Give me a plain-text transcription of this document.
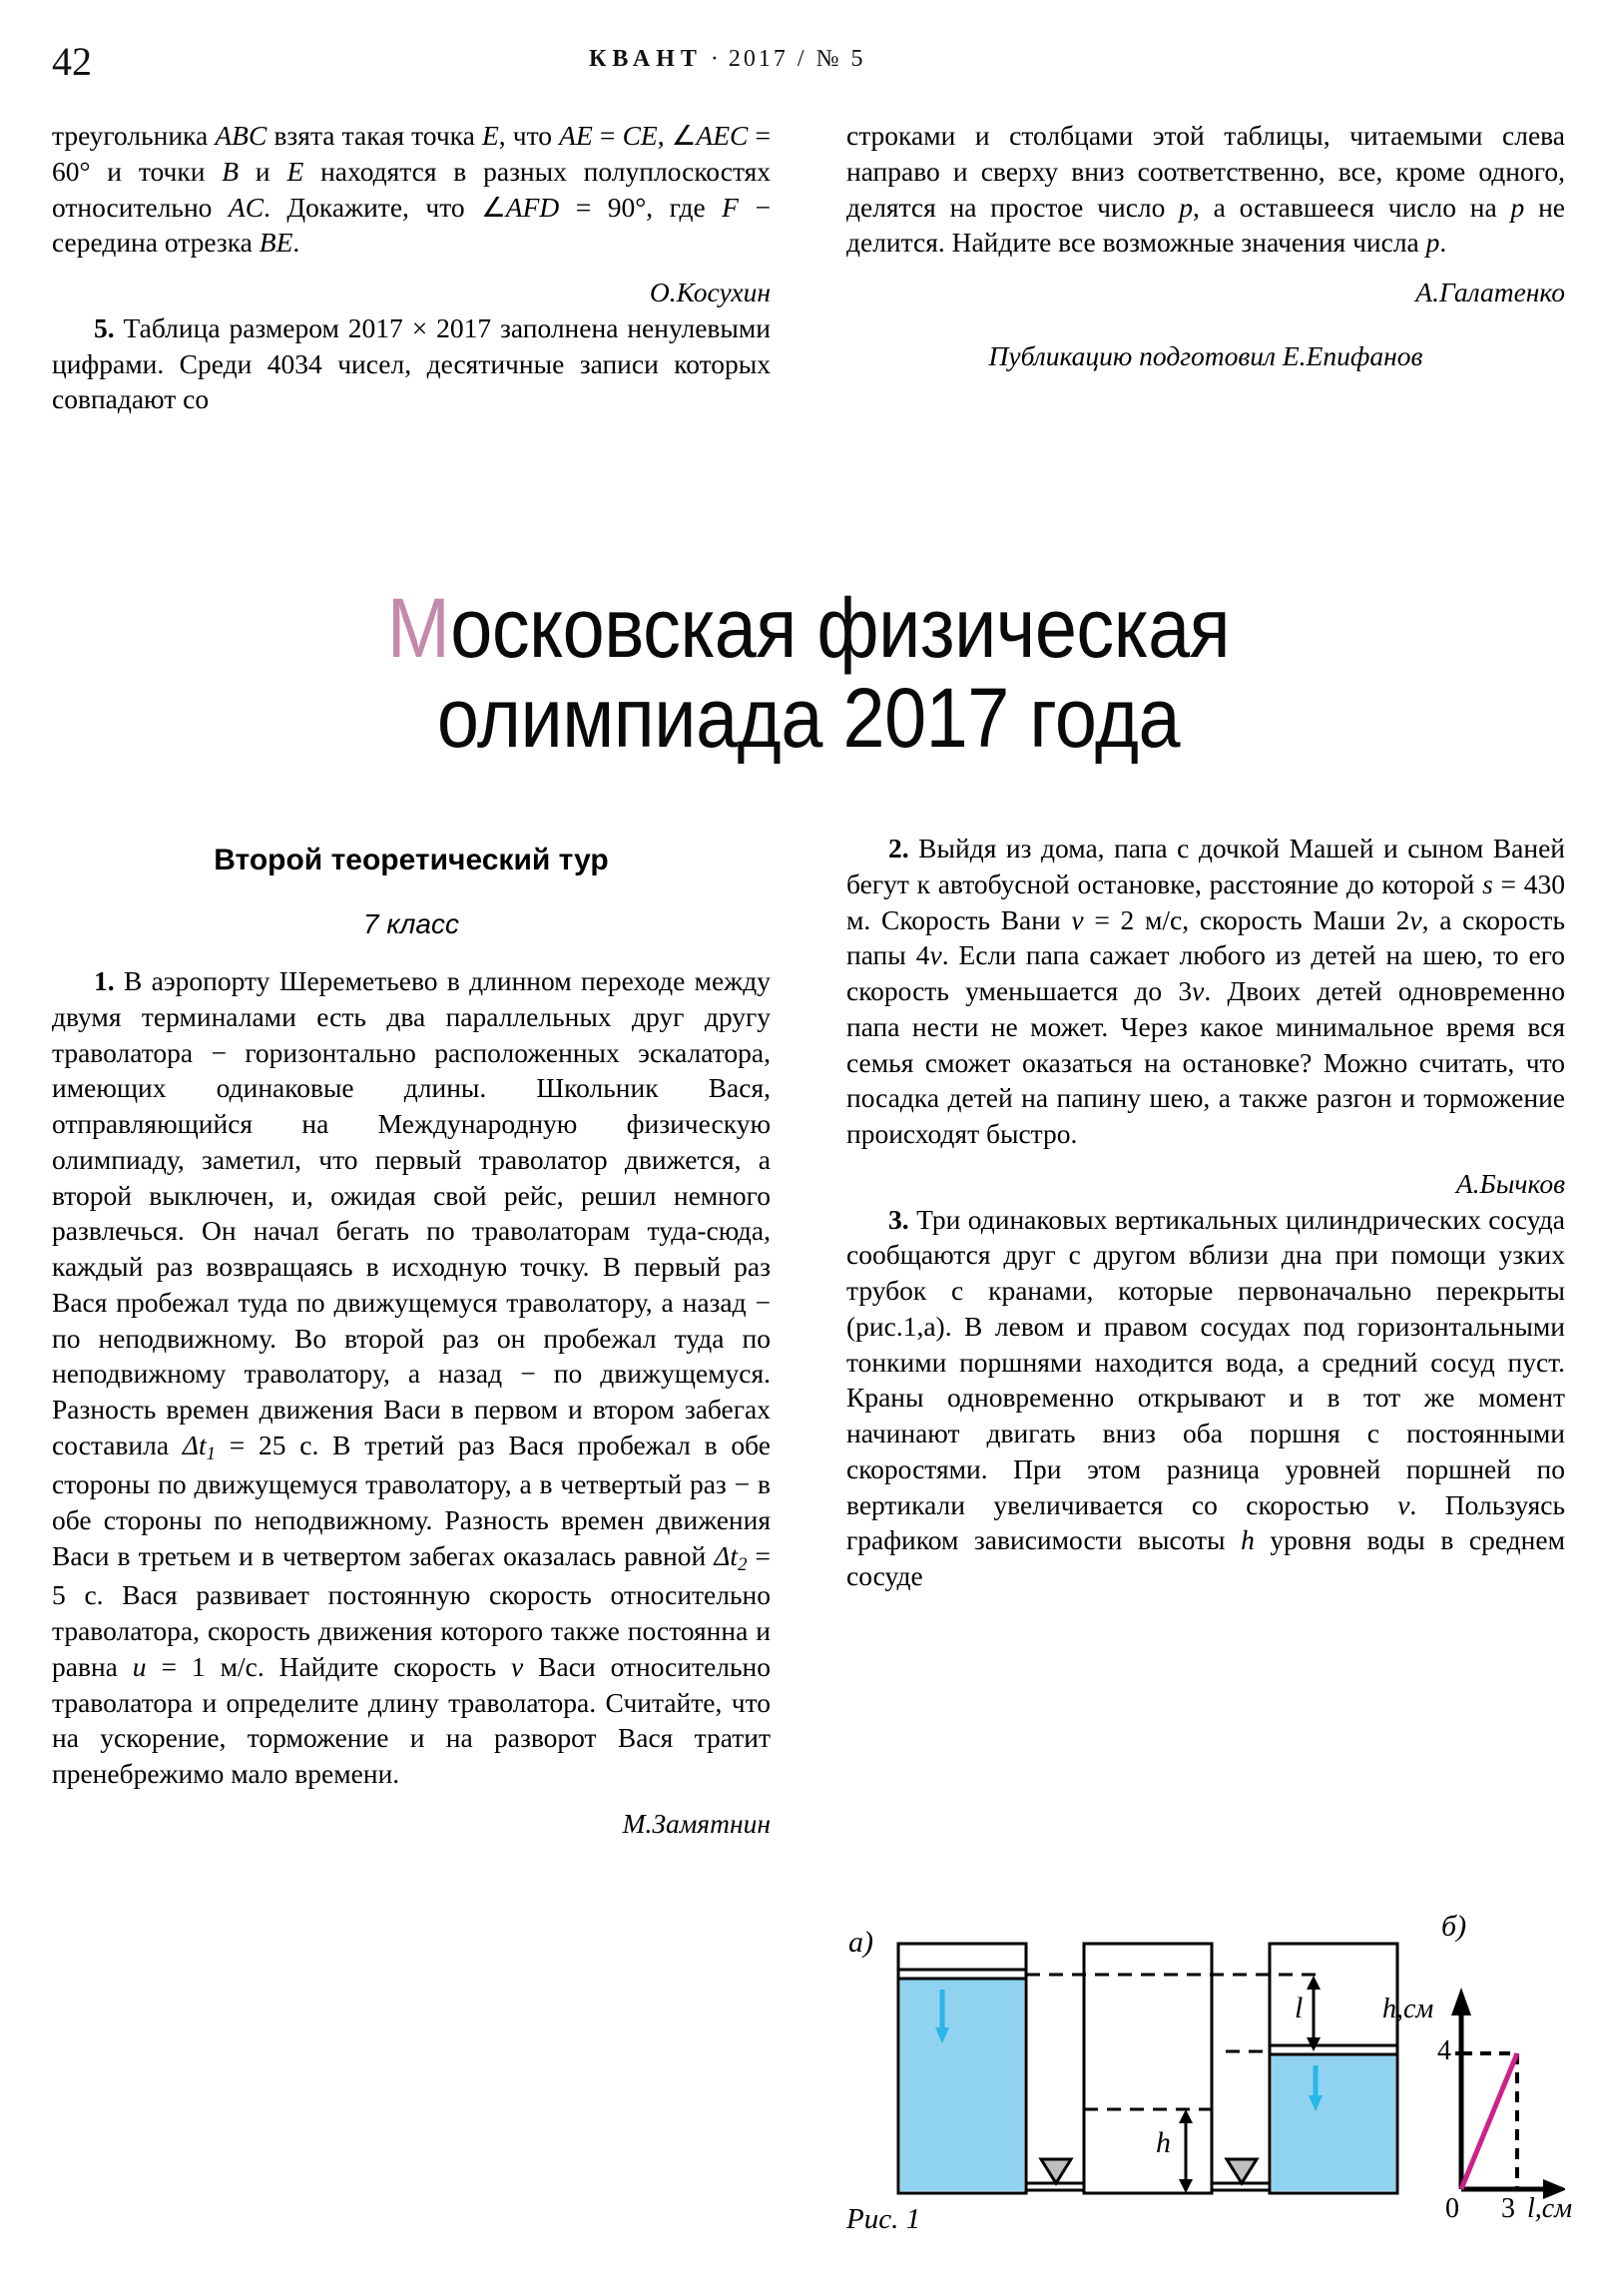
42	КВАНТ · 2017 / № 5

треугольника ABC взята такая точка E, что AE = CE, ∠AEC = 60° и точки B и E находятся в разных полуплоскостях относительно AC. Докажите, что ∠AFD = 90°, где F − середина отрезка BE.

О.Косухин

5. Таблица размером 2017 × 2017 заполнена ненулевыми цифрами. Среди 4034 чисел, десятичные записи которых совпадают со

строками и столбцами этой таблицы, читаемыми слева направо и сверху вниз соответственно, все, кроме одного, делятся на простое число p, а оставшееся число на p не делится. Найдите все возможные значения числа p.

А.Галатенко
Публикацию подготовил Е.Епифанов
Московская физическая
олимпиада 2017 года
Второй теоретический тур
7 класс

1. В аэропорту Шереметьево в длинном переходе между двумя терминалами есть два параллельных друг другу траволатора − горизонтально расположенных эскалатора, имеющих одинаковые длины. Школьник Вася, отправляющийся на Международную физическую олимпиаду, заметил, что первый траволатор движется, а второй выключен, и, ожидая свой рейс, решил немного развлечься. Он начал бегать по траволаторам туда-сюда, каждый раз возвращаясь в исходную точку. В первый раз Вася пробежал туда по движущемуся траволатору, а назад − по неподвижному. Во второй раз он пробежал туда по неподвижному траволатору, а назад − по движущемуся. Разность времен движения Васи в первом и втором забегах составила $\Delta t_1 = 25$ с. В третий раз Вася пробежал в обе стороны по движущемуся траволатору, а в четвертый раз − в обе стороны по неподвижному. Разность времен движения Васи в третьем и в четвертом забегах оказалась равной $\Delta t_2 = 5$ с. Вася развивает постоянную скорость относительно траволатора, скорость движения которого также постоянна и равна u = 1 м/с. Найдите скорость v Васи относительно траволатора и определите длину траволатора. Считайте, что на ускорение, торможение и на разворот Вася тратит пренебрежимо мало времени.

М.Замятнин

2. Выйдя из дома, папа с дочкой Машей и сыном Ваней бегут к автобусной остановке, расстояние до которой s = 430 м. Скорость Вани v = 2 м/с, скорость Маши 2v, а скорость папы 4v. Если папа сажает любого из детей на шею, то его скорость уменьшается до 3v. Двоих детей одновременно папа нести не может. Через какое минимальное время вся семья сможет оказаться на остановке? Можно считать, что посадка детей на папину шею, а также разгон и торможение происходят быстро.

А.Бычков

3. Три одинаковых вертикальных цилиндрических сосуда сообщаются друг с другом вблизи дна при помощи узких трубок с кранами, которые первоначально перекрыты (рис.1,а). В левом и правом сосудах под горизонтальными тонкими поршнями находится вода, а средний сосуд пуст. Краны одновременно открывают и в тот же момент начинают двигать вниз оба поршня с постоянными скоростями. При этом разница уровней поршней по вертикали увеличивается со скоростью v. Пользуясь графиком зависимости высоты h уровня воды в среднем сосуде

а)	б)
l
h
h,см
l,см
4
0 3
Рис. 1
